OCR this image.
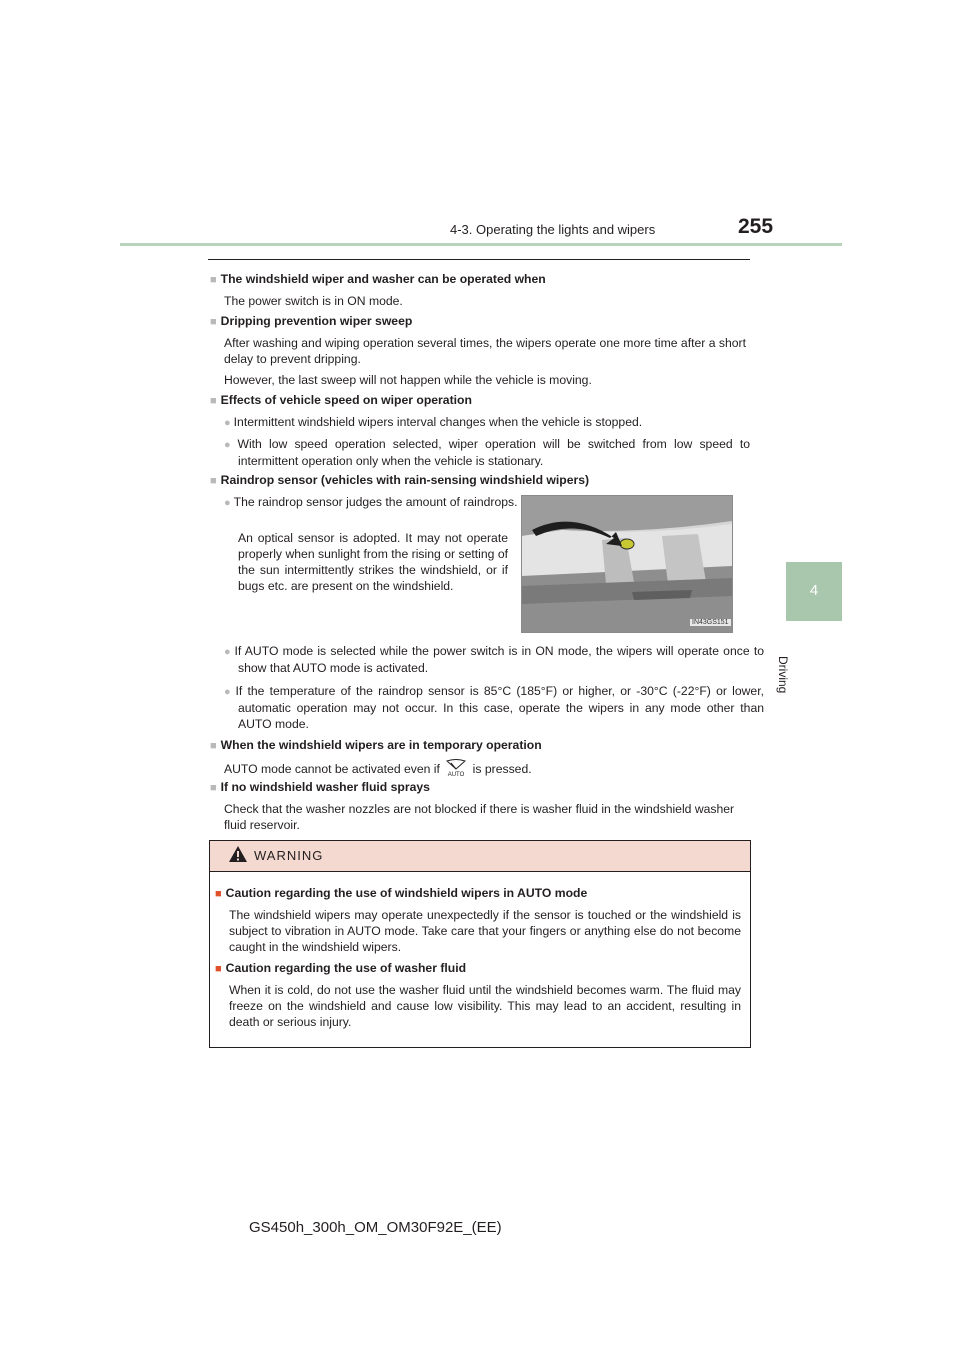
4-3. Operating the lights and wipers	255
4
Driving
■ The windshield wiper and washer can be operated when
The power switch is in ON mode.
■ Dripping prevention wiper sweep
After washing and wiping operation several times, the wipers operate one more time after a short delay to prevent dripping.
However, the last sweep will not happen while the vehicle is moving.
■ Effects of vehicle speed on wiper operation
● Intermittent windshield wipers interval changes when the vehicle is stopped.
● With low speed operation selected, wiper operation will be switched from low speed to intermittent operation only when the vehicle is stationary.
■ Raindrop sensor (vehicles with rain-sensing windshield wipers)
● The raindrop sensor judges the amount of raindrops.
An optical sensor is adopted. It may not operate properly when sunlight from the rising or setting of the sun intermittently strikes the windshield, or if bugs etc. are present on the windshield.
IN43GS151
● If AUTO mode is selected while the power switch is in ON mode, the wipers will operate once to show that AUTO mode is activated.
● If the temperature of the raindrop sensor is 85°C (185°F) or higher, or -30°C (-22°F) or lower, automatic operation may not occur. In this case, operate the wipers in any mode other than AUTO mode.
■ When the windshield wipers are in temporary operation
AUTO mode cannot be activated even if AUTO is pressed.
■ If no windshield washer fluid sprays
Check that the washer nozzles are not blocked if there is washer fluid in the windshield washer fluid reservoir.
WARNING
■ Caution regarding the use of windshield wipers in AUTO mode
The windshield wipers may operate unexpectedly if the sensor is touched or the windshield is subject to vibration in AUTO mode. Take care that your fingers or anything else do not become caught in the windshield wipers.
■ Caution regarding the use of washer fluid
When it is cold, do not use the washer fluid until the windshield becomes warm. The fluid may freeze on the windshield and cause low visibility. This may lead to an accident, resulting in death or serious injury.
GS450h_300h_OM_OM30F92E_(EE)
